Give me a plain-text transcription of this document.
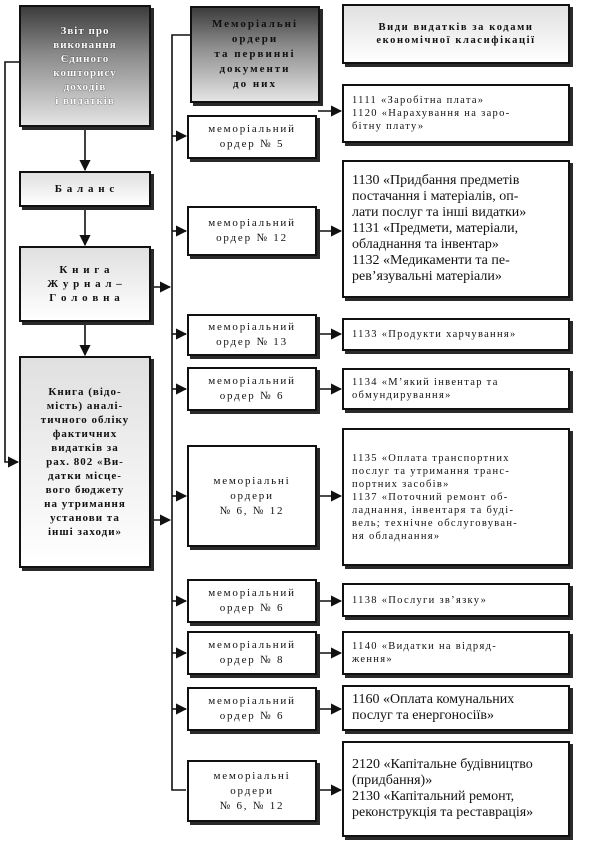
Звіт про
виконання
Єдиного
кошторису
доходів
і видатків
Б а л а н с
К н и г а
Ж у р н а л –
Г о л о в н а
Книга (відо-
мість) аналі-
тичного обліку
фактичних
видатків за
рах. 802 «Ви-
датки місце-
вого бюджету
на утримання
установи та
інші заходи»
Меморіальні
ордери
та первинні
документи
до них
Види видатків за кодами
економічної класифікації
меморіальний
ордер № 5
1111 «Заробітна плата»
1120 «Нарахування на заро-
бітну плату»
меморіальний
ордер № 12
1130 «Придбання предметів
постачання і матеріалів, оп-
лати послуг та інші видатки»
1131 «Предмети, матеріали,
обладнання та інвентар»
1132 «Медикаменти та пе-
рев’язувальні матеріали»
меморіальний
ордер № 13
1133 «Продукти харчування»
меморіальний
ордер № 6
1134 «М’який інвентар та
обмундирування»
меморіальні
ордери
№ 6, № 12
1135 «Оплата транспортних
послуг та утримання транс-
портних засобів»
1137 «Поточний ремонт об-
ладнання, інвентаря та буді-
вель; технічне обслуговуван-
ня обладнання»
меморіальний
ордер № 6
1138 «Послуги зв’язку»
меморіальний
ордер № 8
1140 «Видатки на відряд-
ження»
меморіальний
ордер № 6
1160 «Оплата комунальних
послуг та енергоносіїв»
меморіальні
ордери
№ 6, № 12
2120 «Капітальне будівництво
(придбання)»
2130 «Капітальний ремонт,
реконструкція та реставрація»
